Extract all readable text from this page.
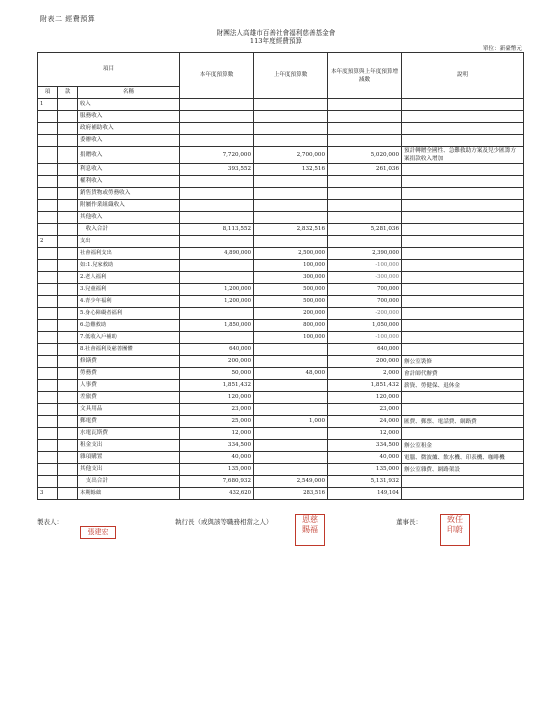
附表二 經費預算
財團法人高雄市百善社會福利慈善基金會
113年度經費預算
單位：新臺幣元
項目			本年度預算數	上年度預算數	本年度預算與上年度預算增減數	說明
項	款	名稱				
1		收入				
		服務收入				
		政府補助收入				
		委辦收入				
		捐贈收入	7,720,000	2,700,000	5,020,000	預計轉贈全國性、急難救助方案及兒少匯籌方案捐款收入增加
		利息收入	393,552	132,516	261,036	
		權利收入				
		銷售貨物或勞務收入				
		附屬作業組織收入				
		其他收入				
		　收入合計	8,113,552	2,832,516	5,281,036	
2		支出				
		社會福利支出	4,890,000	2,500,000	2,390,000	
		如:1.兒家救助		100,000	-100,000	
		2.老人福利		300,000	-300,000	
		3.兒童福利	1,200,000	500,000	700,000	
		4.青少年福利	1,200,000	500,000	700,000	
		5.身心障礙者福利		200,000	-200,000	
		6.急難救助	1,850,000	800,000	1,050,000	
		7.低收入戶補助		100,000	-100,000	
		8.社會福利及慈善團體	640,000		640,000	
		修繕費	200,000		200,000	辦公室裝修
		勞務費	50,000	48,000	2,000	會計師代辦費
		人事費	1,851,432		1,851,432	薪資、勞健保、退休金
		差旅費	120,000		120,000	
		文具用品	23,000		23,000	
		郵電費	25,000	1,000	24,000	匯費、郵票、電話費、網路費
		水電瓦斯費	12,000		12,000	
		租金支出	334,500		334,500	辦公室租金
		雜項購置	40,000		40,000	電腦、微波爐、飲水機、印表機、咖啡機
		其他支出	135,000		135,000	辦公室雜費、網路架設
		　支出合計	7,680,932	2,549,000	5,131,932	
3		本期餘絀	432,620	283,516	149,104	
製表人：	執行長（或與該等職務相當之人）	董事長：
張建宏
恩慈
賜福
致任
印蔚
